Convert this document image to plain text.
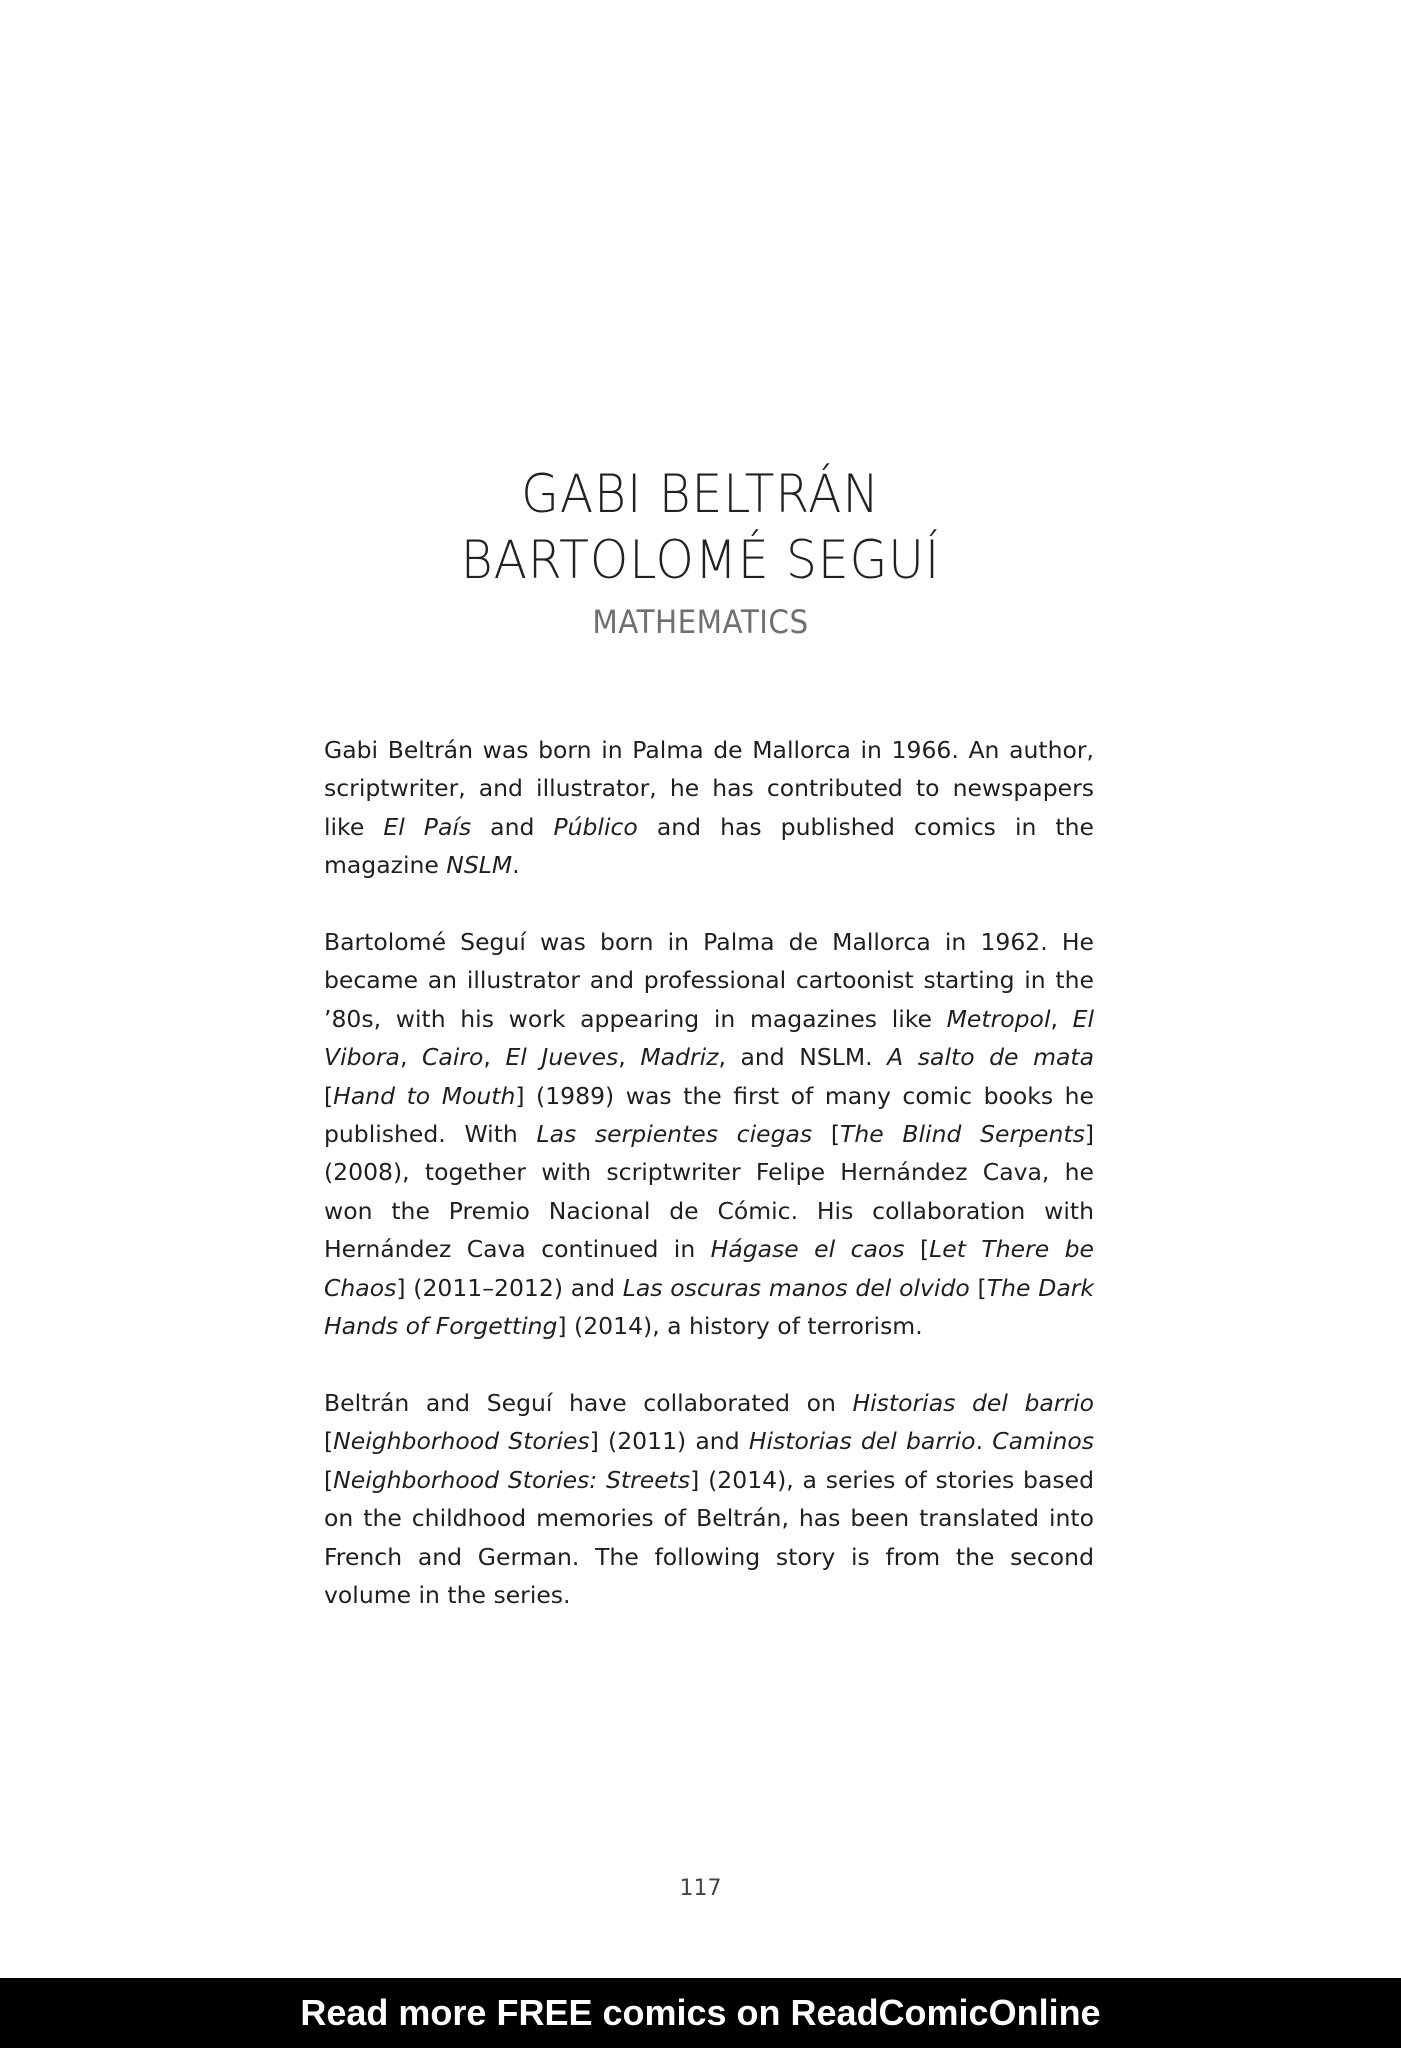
GABI BELTRÁN
BARTOLOMÉ SEGUÍ
MATHEMATICS

Gabi Beltrán was born in Palma de Mallorca in 1966. An author, scriptwriter, and illustrator, he has contributed to newspapers like El País and Público and has published comics in the magazine NSLM.

Bartolomé Seguí was born in Palma de Mallorca in 1962. He became an illustrator and professional cartoonist starting in the ’80s, with his work appearing in magazines like Metropol, El Vibora, Cairo, El Jueves, Madriz, and NSLM. A salto de mata [Hand to Mouth] (1989) was the first of many comic books he published. With Las serpientes ciegas [The Blind Serpents] (2008), together with scriptwriter Felipe Hernández Cava, he won the Premio Nacional de Cómic. His collaboration with Hernández Cava continued in Hágase el caos [Let There be Chaos] (2011–2012) and Las oscuras manos del olvido [The Dark Hands of Forgetting] (2014), a history of terrorism.

Beltrán and Seguí have collaborated on Historias del barrio [Neighborhood Stories] (2011) and Historias del barrio. Caminos [Neighborhood Stories: Streets] (2014), a series of stories based on the childhood memories of Beltrán, has been translated into French and German. The following story is from the second volume in the series.

117
Read more FREE comics on ReadComicOnline
